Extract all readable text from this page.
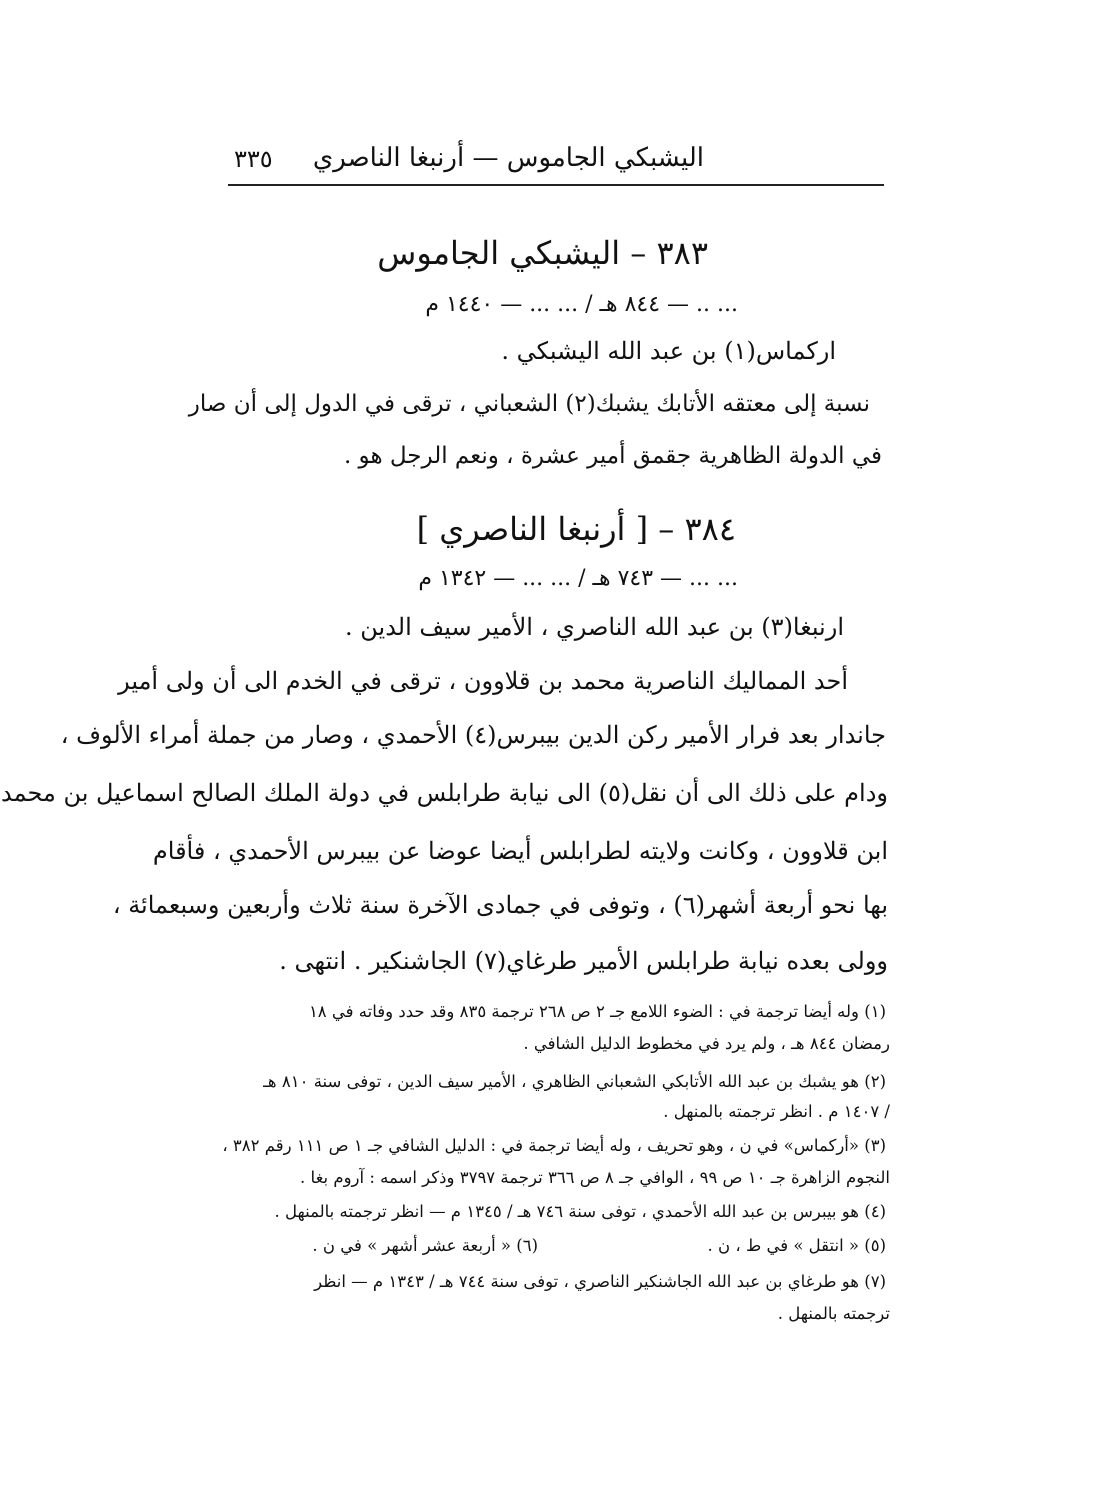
اليشبكي الجاموس — أرنبغا الناصري
٣٣٥
٣٨٣ – اليشبكي الجاموس
... .. — ٨٤٤ هـ / ... ... — ١٤٤٠ م
اركماس(١) بن عبد الله اليشبكي .
نسبة إلى معتقه الأتابك يشبك(٢) الشعباني ، ترقى في الدول إلى أن صار
في الدولة الظاهرية جقمق أمير عشرة ، ونعم الرجل هو .
٣٨٤ – [ أرنبغا الناصري ]
... ... — ٧٤٣ هـ / ... ... — ١٣٤٢ م
ارنبغا(٣) بن عبد الله الناصري ، الأمير سيف الدين .
أحد المماليك الناصرية محمد بن قلاوون ، ترقى في الخدم الى أن ولى أمير
جاندار بعد فرار الأمير ركن الدين بيبرس(٤) الأحمدي ، وصار من جملة أمراء الألوف ،
ودام على ذلك الى أن نقل(٥) الى نيابة طرابلس في دولة الملك الصالح اسماعيل بن محمد
ابن قلاوون ، وكانت ولايته لطرابلس أيضا عوضا عن بيبرس الأحمدي ، فأقام
بها نحو أربعة أشهر(٦) ، وتوفى في جمادى الآخرة سنة ثلاث وأربعين وسبعمائة ،
وولى بعده نيابة طرابلس الأمير طرغاي(٧) الجاشنكير . انتهى .
(١) وله أيضا ترجمة في : الضوء اللامع جـ ٢ ص ٢٦٨ ترجمة ٨٣٥ وقد حدد وفاته في ١٨
رمضان ٨٤٤ هـ ، ولم يرد في مخطوط الدليل الشافي .
(٢) هو يشبك بن عبد الله الأتابكي الشعباني الظاهري ، الأمير سيف الدين ، توفى سنة ٨١٠ هـ
/ ١٤٠٧ م . انظر ترجمته بالمنهل .
(٣) «أركماس» في ن ، وهو تحريف ، وله أيضا ترجمة في : الدليل الشافي جـ ١ ص ١١١ رقم ٣٨٢ ،
النجوم الزاهرة جـ ١٠ ص ٩٩ ، الوافي جـ ٨ ص ٣٦٦ ترجمة ٣٧٩٧ وذكر اسمه : آروم بغا .
(٤) هو بيبرس بن عبد الله الأحمدي ، توفى سنة ٧٤٦ هـ / ١٣٤٥ م — انظر ترجمته بالمنهل .
(٥) « انتقل » في ط ، ن .
(٦) « أربعة عشر أشهر » في ن .
(٧) هو طرغاي بن عبد الله الجاشنكير الناصري ، توفى سنة ٧٤٤ هـ / ١٣٤٣ م — انظر
ترجمته بالمنهل .
